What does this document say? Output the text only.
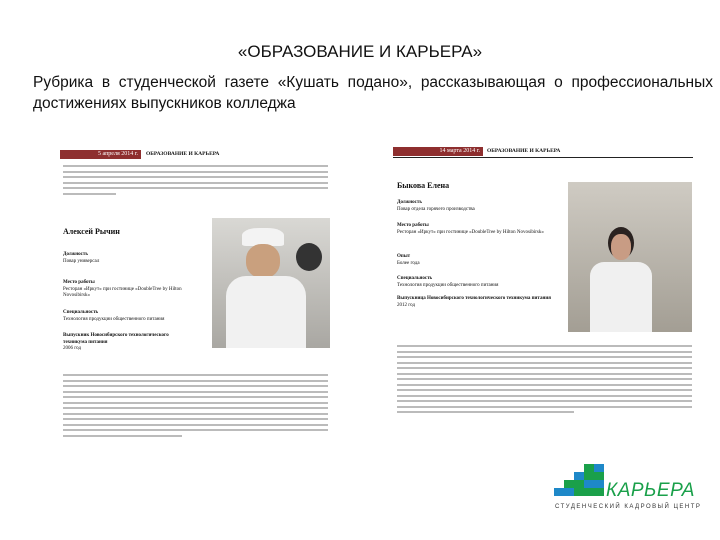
«ОБРАЗОВАНИЕ И КАРЬЕРА»
Рубрика в студенческой газете «Кушать подано», рассказывающая о профессиональных достижениях выпускников колледжа
5 апреля 2014 г.	ОБРАЗОВАНИЕ И КАРЬЕРА
Алексей Рычин
Должность
Повар универсал
Место работы
Ресторан «Иркут» при гостинице «DoubleTree by Hilton Novosibirsk»
Специальность
Технология продукции общественного питания
Выпускник Новосибирского технологического техникума питания
2006 год
14 марта 2014 г.	ОБРАЗОВАНИЕ И КАРЬЕРА
Быкова Елена
Должность
Повар отдела горячего производства
Место работы
Ресторан «Иркут» при гостинице «DoubleTree by Hilton Novosibirsk»
Опыт
Более года
Специальность
Технология продукции общественного питания
Выпускница Новосибирского технологического техникума питания
2012 год
КАРЬЕРА
СТУДЕНЧЕСКИЙ КАДРОВЫЙ ЦЕНТР
